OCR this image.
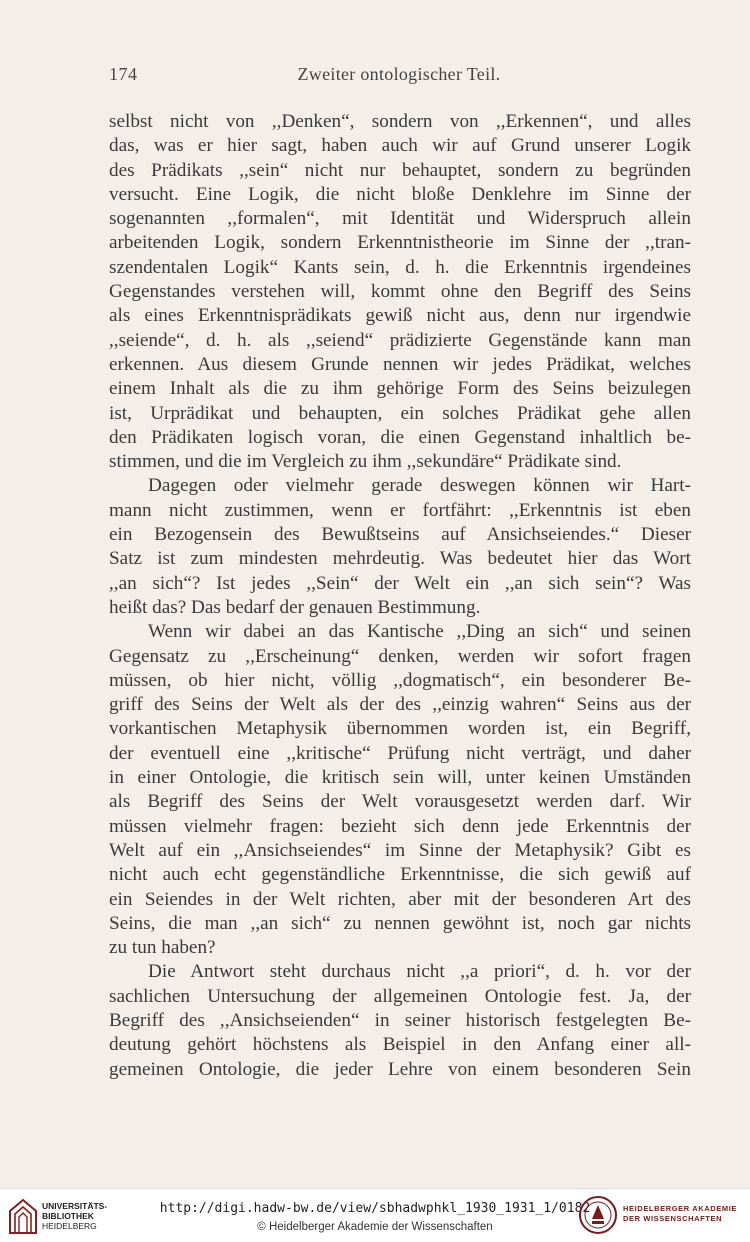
174	Zweiter ontologischer Teil.
selbst nicht von ,,Denken“, sondern von ,,Erkennen“, und alles
das, was er hier sagt, haben auch wir auf Grund unserer Logik
des Prädikats ,,sein“ nicht nur behauptet, sondern zu begründen
versucht. Eine Logik, die nicht bloße Denklehre im Sinne der
sogenannten ,,formalen“, mit Identität und Widerspruch allein
arbeitenden Logik, sondern Erkenntnistheorie im Sinne der ,,tran-
szendentalen Logik“ Kants sein, d. h. die Erkenntnis irgendeines
Gegenstandes verstehen will, kommt ohne den Begriff des Seins
als eines Erkenntnisprädikats gewiß nicht aus, denn nur irgendwie
,,seiende“, d. h. als ,,seiend“ prädizierte Gegenstände kann man
erkennen. Aus diesem Grunde nennen wir jedes Prädikat, welches
einem Inhalt als die zu ihm gehörige Form des Seins beizulegen
ist, Urprädikat und behaupten, ein solches Prädikat gehe allen
den Prädikaten logisch voran, die einen Gegenstand inhaltlich be-
stimmen, und die im Vergleich zu ihm ,,sekundäre“ Prädikate sind.
Dagegen oder vielmehr gerade deswegen können wir Hart-
mann nicht zustimmen, wenn er fortfährt: ,,Erkenntnis ist eben
ein Bezogensein des Bewußtseins auf Ansichseiendes.“ Dieser
Satz ist zum mindesten mehrdeutig. Was bedeutet hier das Wort
,,an sich“? Ist jedes ,,Sein“ der Welt ein ,,an sich sein“? Was
heißt das? Das bedarf der genauen Bestimmung.
Wenn wir dabei an das Kantische ,,Ding an sich“ und seinen
Gegensatz zu ,,Erscheinung“ denken, werden wir sofort fragen
müssen, ob hier nicht, völlig ,,dogmatisch“, ein besonderer Be-
griff des Seins der Welt als der des ,,einzig wahren“ Seins aus der
vorkantischen Metaphysik übernommen worden ist, ein Begriff,
der eventuell eine ,,kritische“ Prüfung nicht verträgt, und daher
in einer Ontologie, die kritisch sein will, unter keinen Umständen
als Begriff des Seins der Welt vorausgesetzt werden darf. Wir
müssen vielmehr fragen: bezieht sich denn jede Erkenntnis der
Welt auf ein ,,Ansichseiendes“ im Sinne der Metaphysik? Gibt es
nicht auch echt gegenständliche Erkenntnisse, die sich gewiß auf
ein Seiendes in der Welt richten, aber mit der besonderen Art des
Seins, die man ,,an sich“ zu nennen gewöhnt ist, noch gar nichts
zu tun haben?
Die Antwort steht durchaus nicht ,,a priori“, d. h. vor der
sachlichen Untersuchung der allgemeinen Ontologie fest. Ja, der
Begriff des ,,Ansichseienden“ in seiner historisch festgelegten Be-
deutung gehört höchstens als Beispiel in den Anfang einer all-
gemeinen Ontologie, die jeder Lehre von einem besonderen Sein
UNIVERSITÄTS-
BIBLIOTHEK
HEIDELBERG
http://digi.hadw-bw.de/view/sbhadwphkl_1930_1931_1/0182
© Heidelberger Akademie der Wissenschaften
HEIDELBERGER AKADEMIE
DER WISSENSCHAFTEN
